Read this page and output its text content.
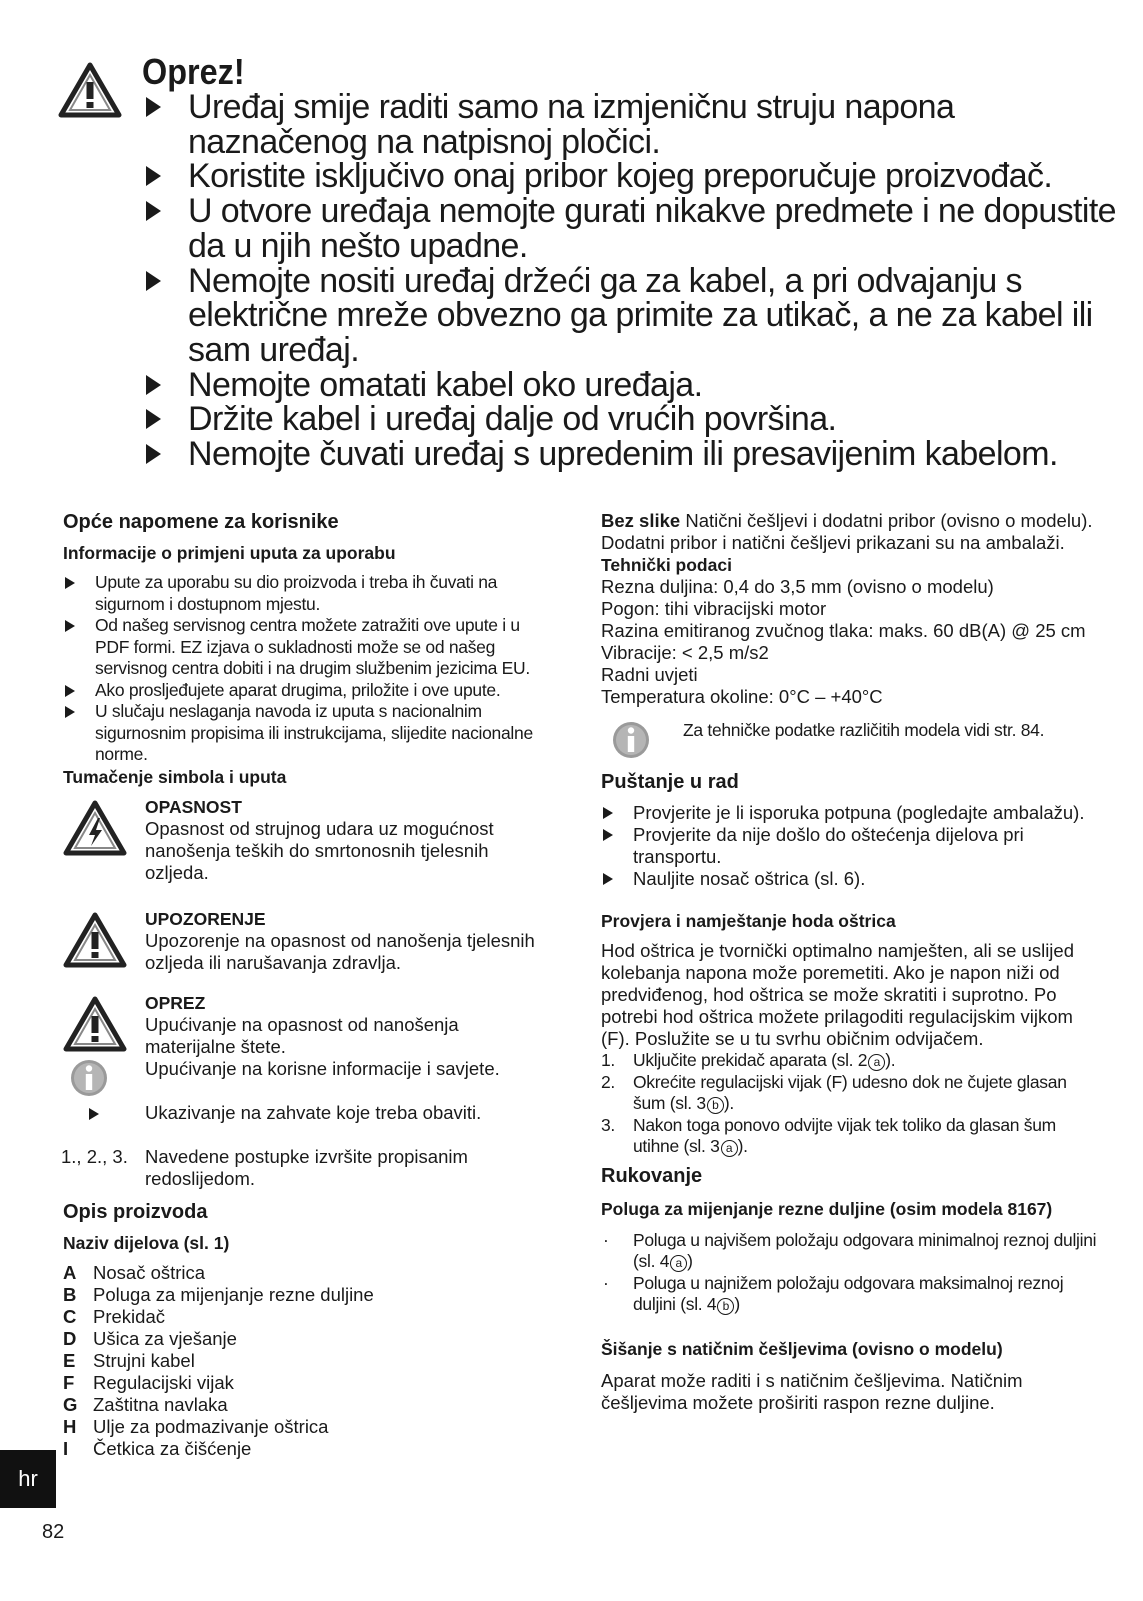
Oprez!
Uređaj smije raditi samo na izmjeničnu struju napona naznačenog na natpisnoj pločici.
Koristite isključivo onaj pribor kojeg preporučuje proizvođač.
U otvore uređaja nemojte gurati nikakve predmete i ne dopustite da u njih nešto upadne.
Nemojte nositi uređaj držeći ga za kabel, a pri odvajanju s električne mreže obvezno ga primite za utikač, a ne za kabel ili sam uređaj.
Nemojte omatati kabel oko uređaja.
Držite kabel i uređaj dalje od vrućih površina.
Nemojte čuvati uređaj s upredenim ili presavijenim kabelom.
Opće napomene za korisnike
Informacije o primjeni uputa za uporabu
Upute za uporabu su dio proizvoda i treba ih čuvati na sigurnom i dostupnom mjestu.
Od našeg servisnog centra možete zatražiti ove upute i u PDF formi. EZ izjava o sukladnosti može se od našeg servisnog centra dobiti i na drugim službenim jezicima EU.
Ako prosljeđujete aparat drugima, priložite i ove upute.
U slučaju neslaganja navoda iz uputa s nacionalnim sigurnosnim propisima ili instrukcijama, slijedite nacionalne norme.
Tumačenje simbola i uputa
OPASNOST

Opasnost od strujnog udara uz mogućnost nanošenja teških do smrtonosnih tjelesnih ozljeda.

UPOZORENJE

Upozorenje na opasnost od nanošenja tjelesnih ozljeda ili narušavanja zdravlja.

OPREZ

Upućivanje na opasnost od nanošenja materijalne štete.

Upućivanje na korisne informacije i savjete.

Ukazivanje na zahvate koje treba obaviti.

1., 2., 3. Navedene postupke izvršite propisanim redoslijedom.

Opis proizvoda
Naziv dijelova (sl. 1)
A Nosač oštrica
B Poluga za mijenjanje rezne duljine
C Prekidač
D Ušica za vješanje
E Strujni kabel
F Regulacijski vijak
G Zaštitna navlaka
H Ulje za podmazivanje oštrica
I Četkica za čišćenje

Bez slike Natični češljevi i dodatni pribor (ovisno o modelu). Dodatni pribor i natični češljevi prikazani su na ambalaži.

Tehnički podaci

Rezna duljina: 0,4 do 3,5 mm (ovisno o modelu)

Pogon: tihi vibracijski motor

Razina emitiranog zvučnog tlaka: maks. 60 dB(A) @ 25 cm

Vibracije: < 2,5 m/s2

Radni uvjeti

Temperatura okoline: 0°C – +40°C

Za tehničke podatke različitih modela vidi str. 84.

Puštanje u rad
Provjerite je li isporuka potpuna (pogledajte ambalažu).
Provjerite da nije došlo do oštećenja dijelova pri transportu.
Nauljite nosač oštrica (sl. 6).
Provjera i namještanje hoda oštrica

Hod oštrica je tvornički optimalno namješten, ali se uslijed kolebanja napona može poremetiti. Ako je napon niži od predviđenog, hod oštrica se može skratiti i suprotno. Po potrebi hod oštrica možete prilagoditi regulacijskim vijkom (F). Poslužite se u tu svrhu običnim odvijačem.

1. Uključite prekidač aparata (sl. 2 a ).
2. Okrećite regulacijski vijak (F) udesno dok ne čujete glasan šum (sl. 3 b ).
3. Nakon toga ponovo odvijte vijak tek toliko da glasan šum utihne (sl. 3 a ).
Rukovanje
Poluga za mijenjanje rezne duljine (osim modela 8167)
· Poluga u najvišem položaju odgovara minimalnoj reznoj duljini (sl. 4 a )
· Poluga u najnižem položaju odgovara maksimalnoj reznoj duljini (sl. 4 b )
Šišanje s natičnim češljevima (ovisno o modelu)

Aparat može raditi i s natičnim češljevima. Natičnim češljevima možete proširiti raspon rezne duljine.

hr
82
